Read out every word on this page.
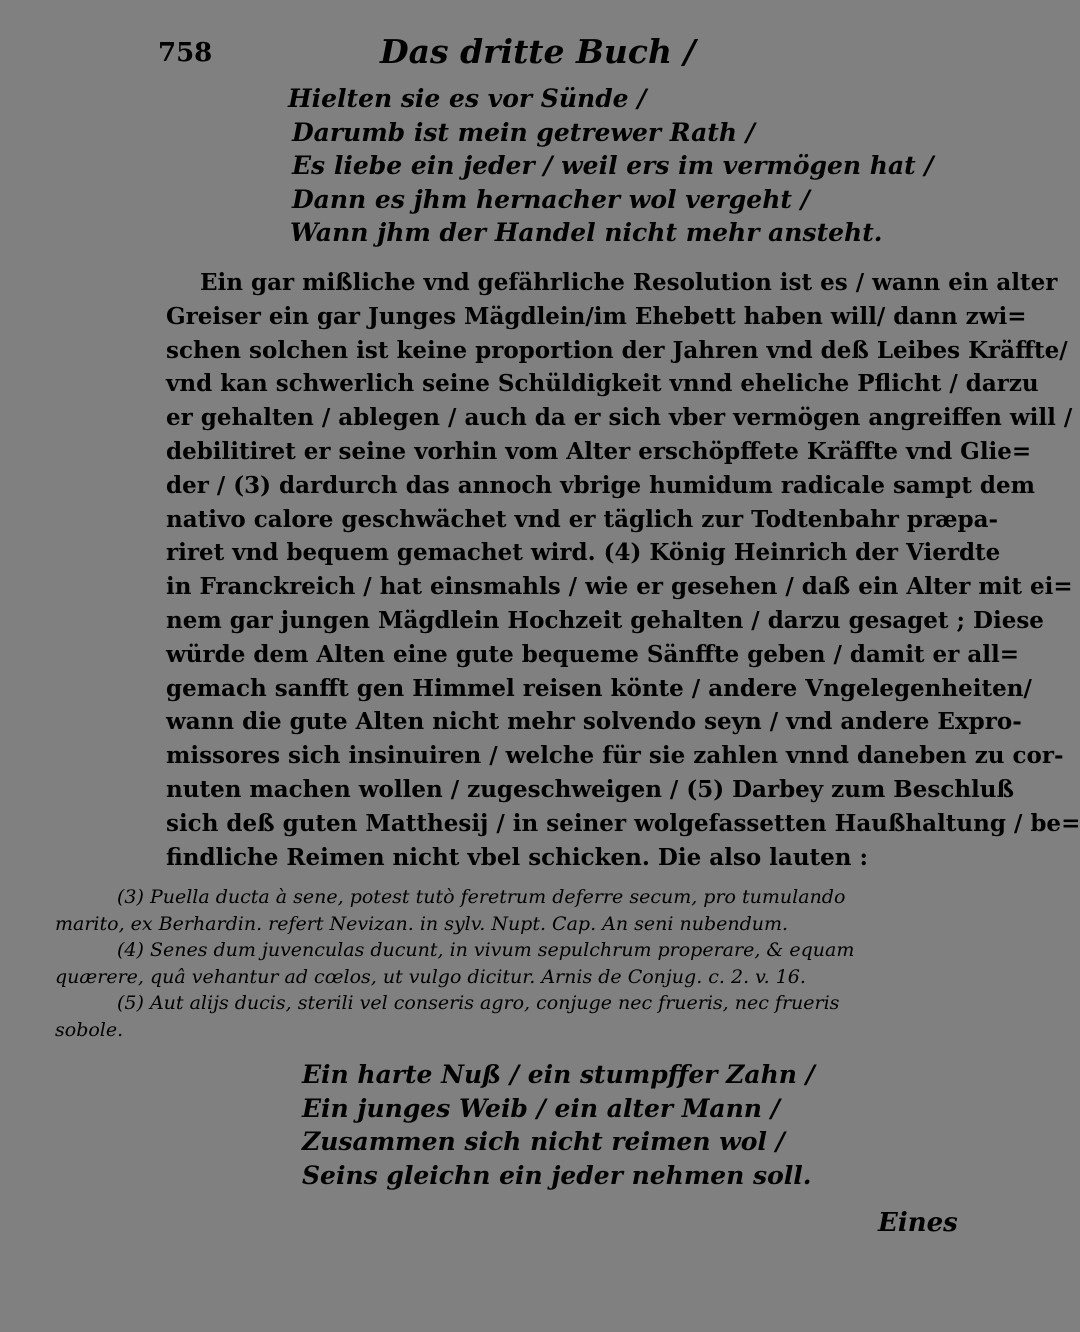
758	Das dritte Buch /
Hielten sie es vor Sünde /
Darumb ist mein getrewer Rath /
Es liebe ein jeder / weil ers im vermögen hat /
Dann es jhm hernacher wol vergeht /
Wann jhm der Handel nicht mehr ansteht.
Ein gar mißliche vnd gefährliche Resolution ist es / wann ein alter
Greiser ein gar Junges Mägdlein/im Ehebett haben will/ dann zwi=
schen solchen ist keine proportion der Jahren vnd deß Leibes Kräffte/
vnd kan schwerlich seine Schüldigkeit vnnd eheliche Pflicht / darzu
er gehalten / ablegen / auch da er sich vber vermögen angreiffen will /
debilitiret er seine vorhin vom Alter erschöpffete Kräffte vnd Glie=
der / (3) dardurch das annoch vbrige humidum radicale sampt dem
nativo calore geschwächet vnd er täglich zur Todtenbahr præpa-
riret vnd bequem gemachet wird. (4) König Heinrich der Vierdte
in Franckreich / hat einsmahls / wie er gesehen / daß ein Alter mit ei=
nem gar jungen Mägdlein Hochzeit gehalten / darzu gesaget ; Diese
würde dem Alten eine gute bequeme Sänffte geben / damit er all=
gemach sanfft gen Himmel reisen könte / andere Vngelegenheiten/
wann die gute Alten nicht mehr solvendo seyn / vnd andere Expro-
missores sich insinuiren / welche für sie zahlen vnnd daneben zu cor-
nuten machen wollen / zugeschweigen / (5) Darbey zum Beschluß
sich deß guten Matthesij / in seiner wolgefassetten Haußhaltung / be=
findliche Reimen nicht vbel schicken. Die also lauten :
(3) Puella ducta à sene, potest tutò feretrum deferre secum, pro tumulando
marito, ex Berhardin. refert Nevizan. in sylv. Nupt. Cap. An seni nubendum.
(4) Senes dum juvenculas ducunt, in vivum sepulchrum properare, & equam
quærere, quâ vehantur ad cœlos, ut vulgo dicitur. Arnis de Conjug. c. 2. v. 16.
(5) Aut alijs ducis, sterili vel conseris agro, conjuge nec frueris, nec frueris
sobole.
Ein harte Nuß / ein stumpffer Zahn /
Ein junges Weib / ein alter Mann /
Zusammen sich nicht reimen wol /
Seins gleichn ein jeder nehmen soll.
Eines
